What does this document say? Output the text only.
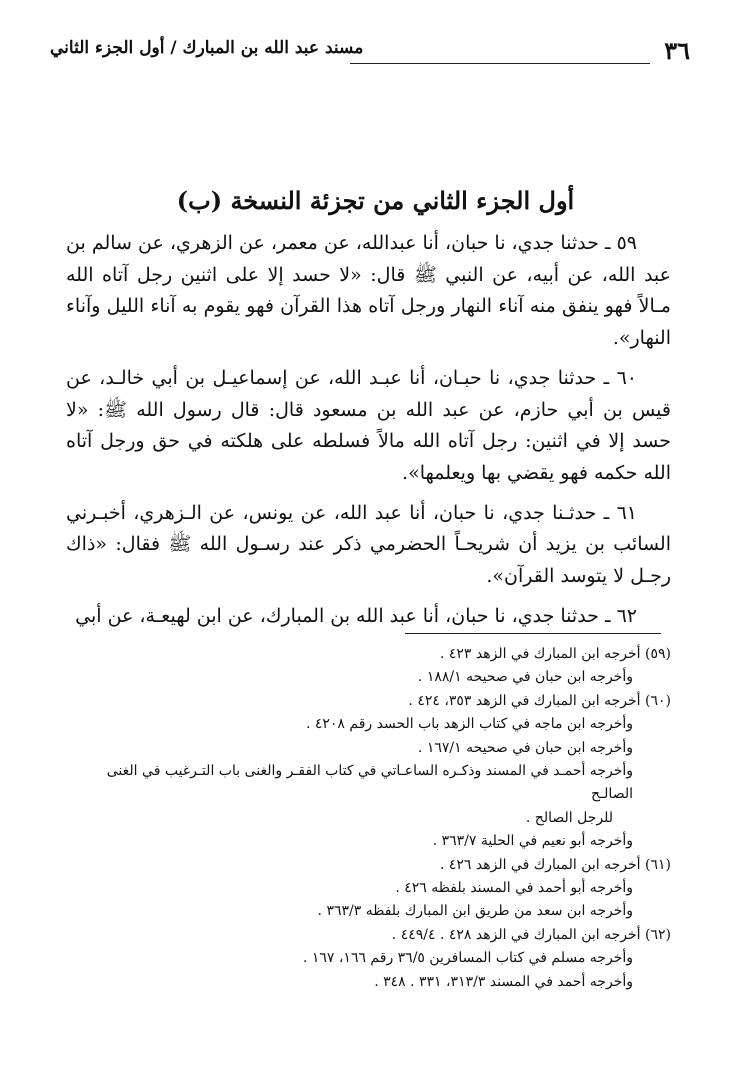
٣٦
مسند عبد الله بن المبارك / أول الجزء الثاني
أول الجزء الثاني من تجزئة النسخة (ب)

٥٩ ـ حدثنا جدي، نا حبان، أنا عبدالله، عن معمر، عن الزهري، عن سالم بن عبد الله، عن أبيه، عن النبي ﷺ قال: «لا حسد إلا على اثنين رجل آتاه الله مـالاً فهو ينفق منه آناء النهار ورجل آتاه هذا القرآن فهو يقوم به آناء الليل وآناء النهار».

٦٠ ـ حدثنا جدي، نا حبـان، أنا عبـد الله، عن إسماعيـل بن أبي خالـد، عن قيس بن أبي حازم، عن عبد الله بن مسعود قال: قال رسول الله ﷺ: «لا حسد إلا في اثنين: رجل آتاه الله مالاً فسلطه على هلكته في حق ورجل آتاه الله حكمه فهو يقضي بها ويعلمها».

٦١ ـ حدثـنا جدي، نا حبان، أنا عبد الله، عن يونس، عن الـزهري، أخبـرني السائب بن يزيد أن شريحـاً الحضرمي ذكر عند رسـول الله ﷺ فقال: «ذاك رجـل لا يتوسد القرآن».

٦٢ ـ حدثنا جدي، نا حبان، أنا عبد الله بن المبارك، عن ابن لهيعـة، عن أبي

(٥٩) أخرجه ابن المبارك في الزهد ٤٢٣ .
وأخرجه ابن حبان في صحيحه ١٨٨/١ .
(٦٠) أخرجه ابن المبارك في الزهد ٣٥٣، ٤٢٤ .
وأخرجه ابن ماجه في كتاب الزهد باب الحسد رقم ٤٢٠٨ .
وأخرجه ابن حبان في صحيحه ١٦٧/١ .
وأخرجه أحمـد في المسند وذكـره الساعـاتي في كتاب الفقـر والغنى باب التـرغيب في الغنى الصالـح
للرجل الصالح .
وأخرجه أبو نعيم في الحلية ٣٦٣/٧ .
(٦١) أخرجه ابن المبارك في الزهد ٤٢٦ .
وأخرجه أبو أحمد في المسند بلفظه ٤٢٦ .
وأخرجه ابن سعد من طريق ابن المبارك بلفظه ٣٦٣/٣ .
(٦٢) أخرجه ابن المبارك في الزهد ٤٢٨ . ٤٤٩/٤ .
وأخرجه مسلم في كتاب المسافرين ٣٦/٥ رقم ١٦٦، ١٦٧ .
وأخرجه أحمد في المسند ٣١٣/٣، ٣٣١ . ٣٤٨ .
